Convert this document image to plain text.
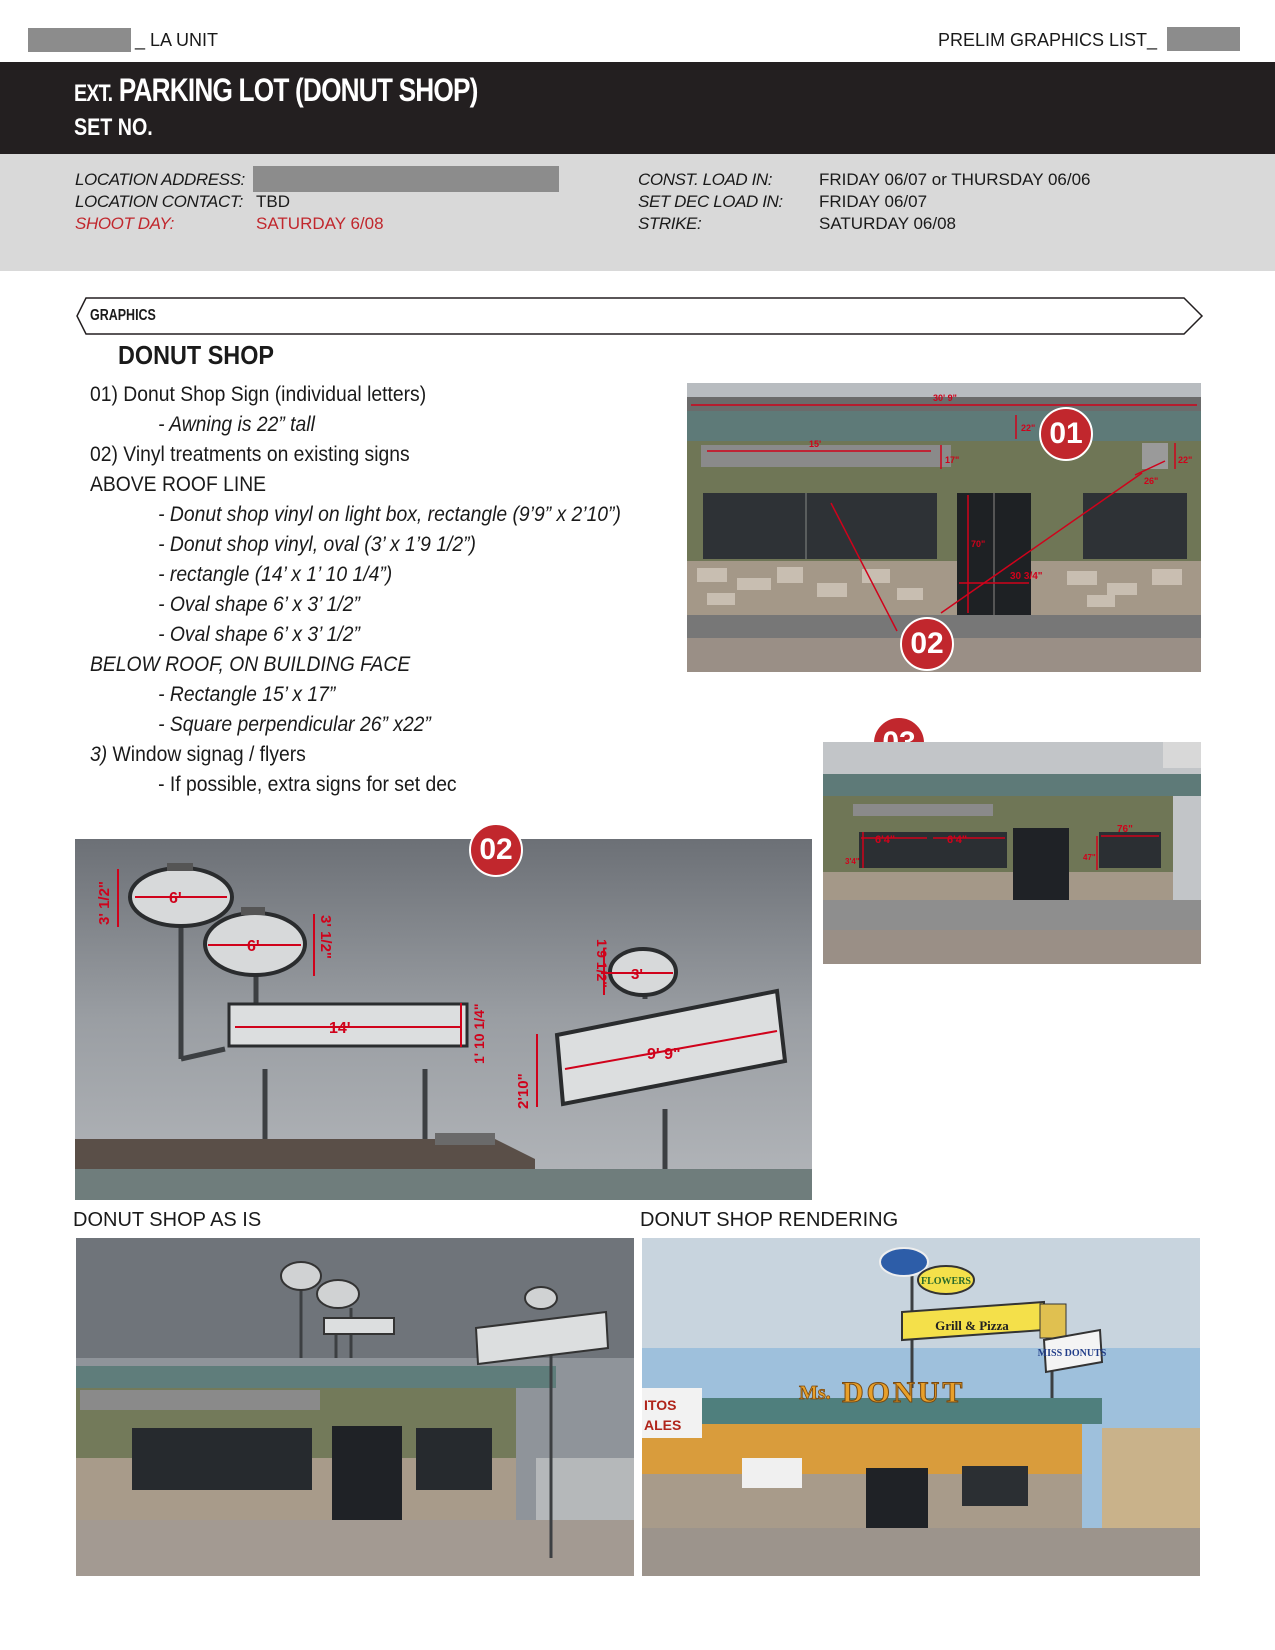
_ LA UNIT	PRELIM GRAPHICS LIST_
EXT. PARKING LOT (DONUT SHOP)
SET NO.
LOCATION ADDRESS:
LOCATION CONTACT: TBD
SHOOT DAY:	SATURDAY 6/08
CONST. LOAD IN:	FRIDAY 06/07 or THURSDAY 06/06
SET DEC LOAD IN: FRIDAY 06/07
STRIKE:	SATURDAY 06/08
GRAPHICS
DONUT SHOP
01) Donut Shop Sign (individual letters)
- Awning is 22” tall
02) Vinyl treatments on existing signs
ABOVE ROOF LINE
- Donut shop vinyl on light box, rectangle (9’9” x 2’10”)
- Donut shop vinyl, oval (3’ x 1’9 1/2”)
- rectangle (14’ x 1’ 10 1/4”)
- Oval shape 6’ x 3’ 1/2”
- Oval shape 6’ x 3’ 1/2”
BELOW ROOF, ON BUILDING FACE
- Rectangle 15’ x 17”
- Square perpendicular 26” x22”
3) Window signag / flyers
- If possible, extra signs for set dec
30' 9"
22"
15'
17"
70"
30 3/4"
22"
26"
01
02
6'4"	6'4"
3'4"
76"
47"
6'
3' 1/2"
6'	3' 1/2"
14'	1' 10 1/4"
3'
1'9 1/2"
9' 9"
2'10"
02
DONUT SHOP AS IS	DONUT SHOP RENDERING
FLOWERS
Grill & Pizza
MISS DONUTS
Ms. DONUT
ITOS
ALES
